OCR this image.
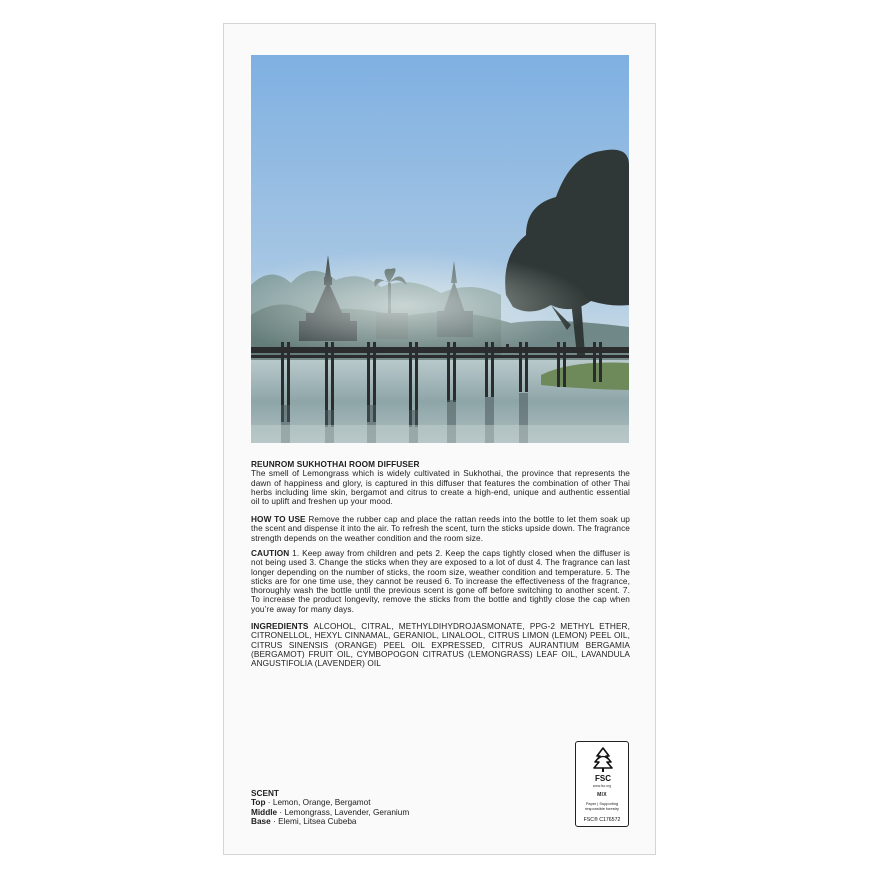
REUNROM SUKHOTHAI ROOM DIFFUSER
The smell of Lemongrass which is widely cultivated in Sukhothai, the province that represents the dawn of happiness and glory, is captured in this diffuser that features the combination of other Thai herbs including lime skin, bergamot and citrus to create a high-end, unique and authentic essential oil to uplift and freshen up your mood.
HOW TO USE Remove the rubber cap and place the rattan reeds into the bottle to let them soak up the scent and dispense it into the air. To refresh the scent, turn the sticks upside down. The fragrance strength depends on the weather condition and the room size.
CAUTION 1. Keep away from children and pets 2. Keep the caps tightly closed when the diffuser is not being used 3. Change the sticks when they are exposed to a lot of dust 4. The fragrance can last longer depending on the number of sticks, the room size, weather condition and temperature. 5. The sticks are for one time use, they cannot be reused 6. To increase the effectiveness of the fragrance, thoroughly wash the bottle until the previous scent is gone off before switching to another scent. 7. To increase the product longevity, remove the sticks from the bottle and tightly close the cap when you’re away for many days.
INGREDIENTS ALCOHOL, CITRAL, METHYLDIHYDROJASMONATE, PPG-2 METHYL ETHER, CITRONELLOL, HEXYL CINNAMAL, GERANIOL, LINALOOL, CITRUS LIMON (LEMON) PEEL OIL, CITRUS SINENSIS (ORANGE) PEEL OIL EXPRESSED, CITRUS AURANTIUM BERGAMIA (BERGAMOT) FRUIT OIL, CYMBOPOGON CITRATUS (LEMONGRASS) LEAF OIL, LAVANDULA ANGUSTIFOLIA (LAVENDER) OIL
SCENT
Top · Lemon, Orange, Bergamot
Middle · Lemongrass, Lavender, Geranium
Base · Elemi, Litsea Cubeba
FSC
www.fsc.org
MIX
Paper | Supporting responsible forestry
FSC® C176572
